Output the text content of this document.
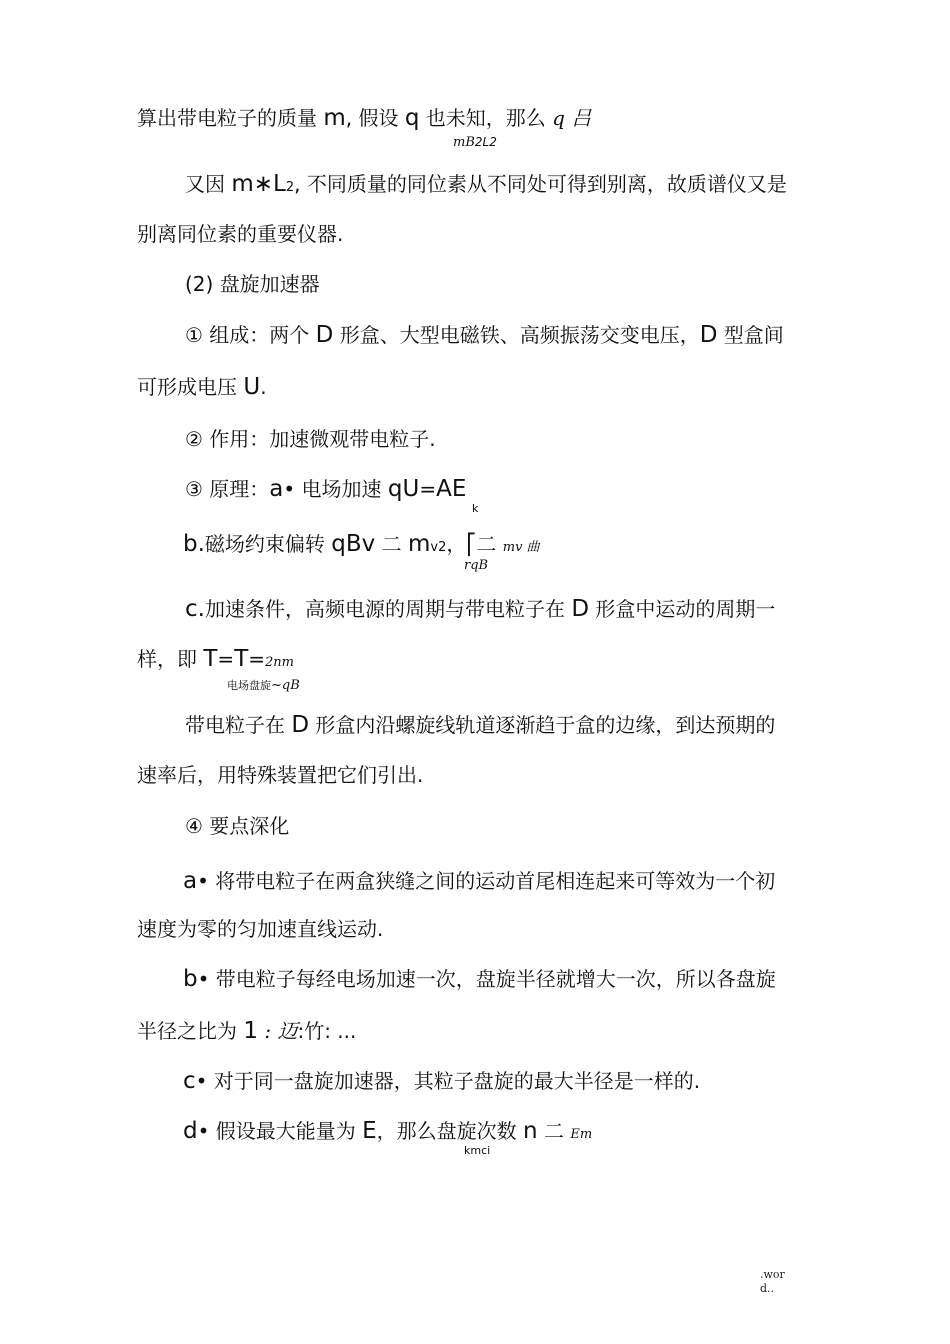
算出带电粒子的质量 m, 假设 q 也未知，那么 q 吕
mB2L2
又因 m∗L2, 不同质量的同位素从不同处可得到别离，故质谱仪又是
别离同位素的重要仪器.
(2) 盘旋加速器
① 组成：两个 D 形盒、大型电磁铁、高频振荡交变电压，D 型盒间
可形成电压 U.
② 作用：加速微观带电粒子.
③ 原理：a• 电场加速 qU=AE
k
b.磁场约束偏转 qBv 二 mv2，⎡二 mv 曲
rqB
c.加速条件，高频电源的周期与带电粒子在 D 形盒中运动的周期一
样，即 T=T=2nm
电场盘旋~qB
带电粒子在 D 形盒内沿螺旋线轨道逐渐趋于盒的边缘，到达预期的
速率后，用特殊装置把它们引出.
④ 要点深化
a• 将带电粒子在两盒狭缝之间的运动首尾相连起来可等效为一个初
速度为零的匀加速直线运动.
b• 带电粒子每经电场加速一次，盘旋半径就增大一次，所以各盘旋
半径之比为 1 : 迈:竹: ...
c• 对于同一盘旋加速器，其粒子盘旋的最大半径是一样的.
d• 假设最大能量为 E，那么盘旋次数 n 二 Em
kmci
.wor
d..
